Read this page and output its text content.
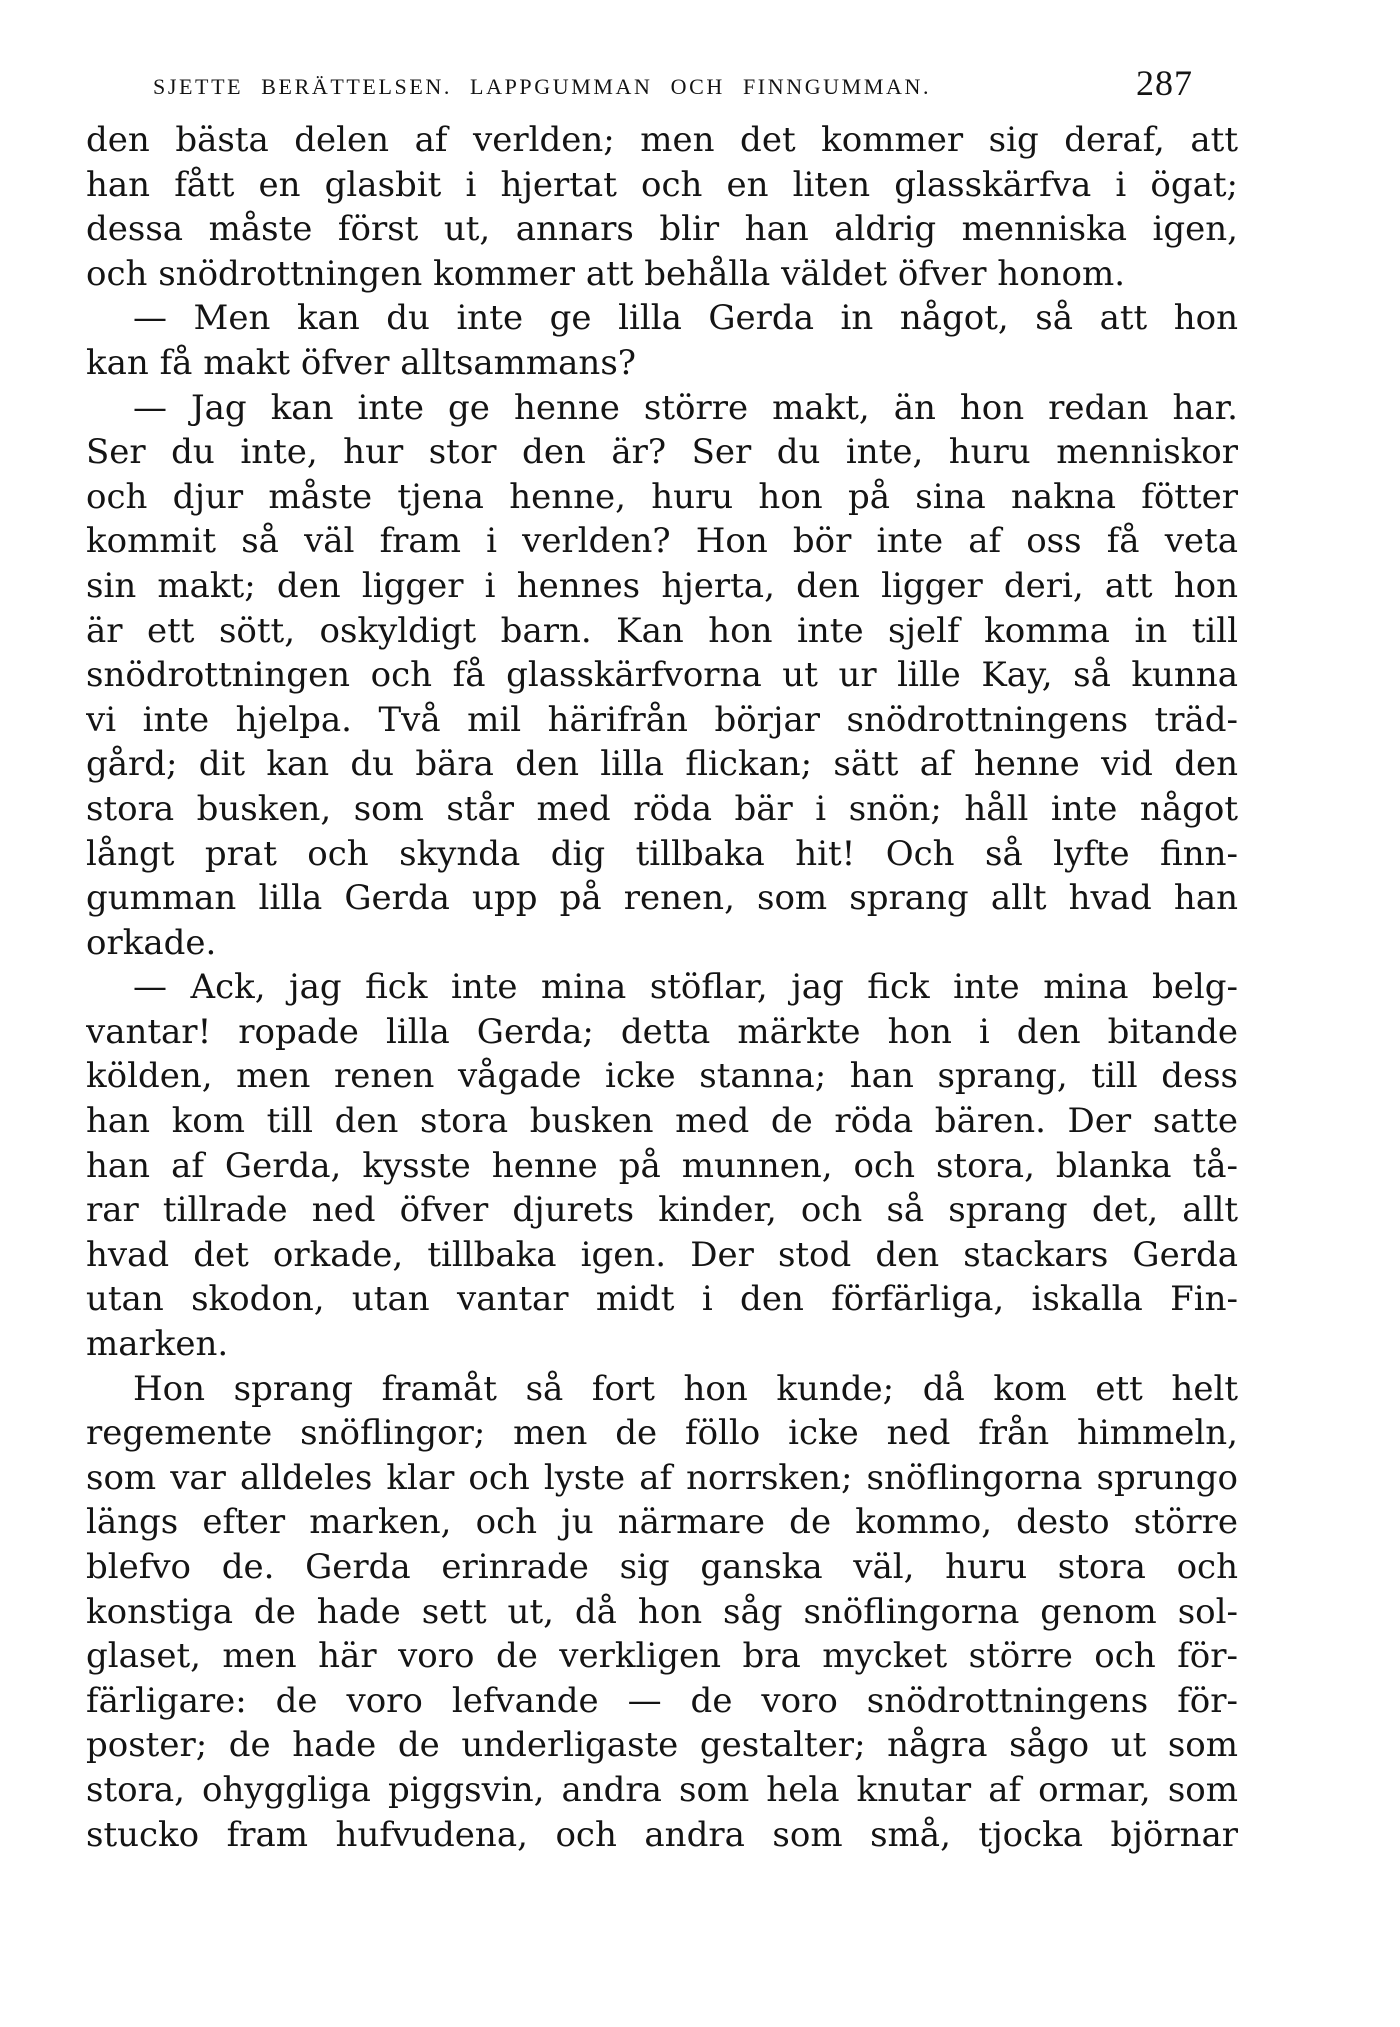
SJETTE BERÄTTELSEN. LAPPGUMMAN OCH FINNGUMMAN.	287
den bästa delen af verlden; men det kommer sig deraf, att
han fått en glasbit i hjertat och en liten glasskärfva i ögat;
dessa måste först ut, annars blir han aldrig menniska igen,
och snödrottningen kommer att behålla väldet öfver honom.
— Men kan du inte ge lilla Gerda in något, så att hon
kan få makt öfver alltsammans?
— Jag kan inte ge henne större makt, än hon redan har.
Ser du inte, hur stor den är? Ser du inte, huru menniskor
och djur måste tjena henne, huru hon på sina nakna fötter
kommit så väl fram i verlden? Hon bör inte af oss få veta
sin makt; den ligger i hennes hjerta, den ligger deri, att hon
är ett sött, oskyldigt barn. Kan hon inte sjelf komma in till
snödrottningen och få glasskärfvorna ut ur lille Kay, så kunna
vi inte hjelpa. Två mil härifrån börjar snödrottningens träd-
gård; dit kan du bära den lilla flickan; sätt af henne vid den
stora busken, som står med röda bär i snön; håll inte något
långt prat och skynda dig tillbaka hit! Och så lyfte finn-
gumman lilla Gerda upp på renen, som sprang allt hvad han
orkade.
— Ack, jag fick inte mina stöflar, jag fick inte mina belg-
vantar! ropade lilla Gerda; detta märkte hon i den bitande
kölden, men renen vågade icke stanna; han sprang, till dess
han kom till den stora busken med de röda bären. Der satte
han af Gerda, kysste henne på munnen, och stora, blanka tå-
rar tillrade ned öfver djurets kinder, och så sprang det, allt
hvad det orkade, tillbaka igen. Der stod den stackars Gerda
utan skodon, utan vantar midt i den förfärliga, iskalla Fin-
marken.
Hon sprang framåt så fort hon kunde; då kom ett helt
regemente snöflingor; men de föllo icke ned från himmeln,
som var alldeles klar och lyste af norrsken; snöflingorna sprungo
längs efter marken, och ju närmare de kommo, desto större
blefvo de. Gerda erinrade sig ganska väl, huru stora och
konstiga de hade sett ut, då hon såg snöflingorna genom sol-
glaset, men här voro de verkligen bra mycket större och för-
färligare: de voro lefvande — de voro snödrottningens för-
poster; de hade de underligaste gestalter; några sågo ut som
stora, ohyggliga piggsvin, andra som hela knutar af ormar, som
stucko fram hufvudena, och andra som små, tjocka björnar
